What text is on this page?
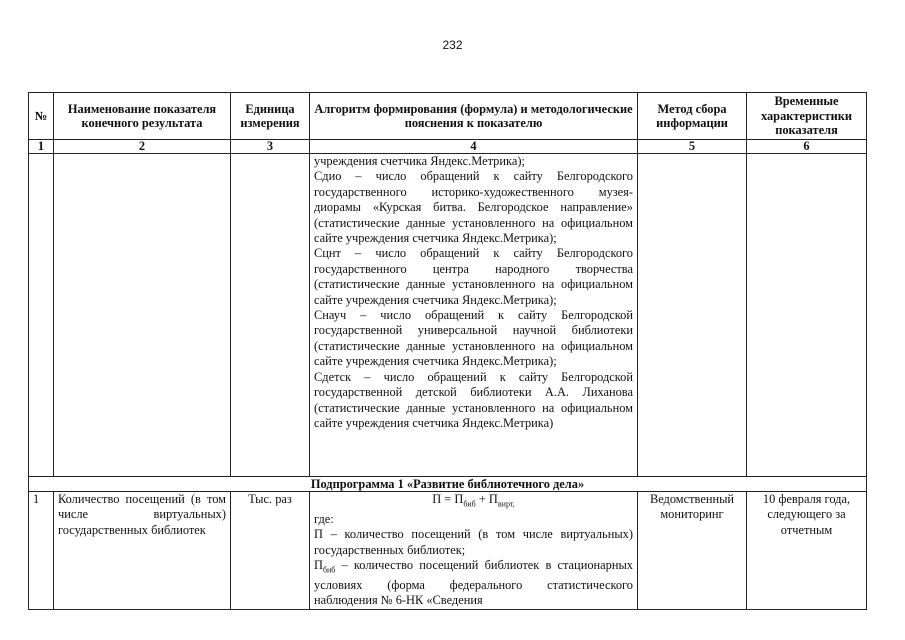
232
№	Наименование показателя конечного результата	Единица измерения	Алгоритм формирования (формула) и методологические пояснения к показателю	Метод сбора информации	Временные характеристики показателя
1	2	3	4	5	6

			учреждения счетчика Яндекс.Метрика);
Сдио – число обращений к сайту Белгородского государственного историко-художественного музея-диорамы «Курская битва. Белгородское направление» (статистические данные установленного на официальном сайте учреждения счетчика Яндекс.Метрика);
Сцнт – число обращений к сайту Белгородского государственного центра народного творчества (статистические данные установленного на официальном сайте учреждения счетчика Яндекс.Метрика);
Снауч – число обращений к сайту Белгородской государственной универсальной научной библиотеки (статистические данные установленного на официальном сайте учреждения счетчика Яндекс.Метрика);
Сдетск – число обращений к сайту Белгородской государственной детской библиотеки А.А. Лиханова (статистические данные установленного на официальном сайте учреждения счетчика Яндекс.Метрика)		

Подпрограмма 1 «Развитие библиотечного дела»					
1	Количество посещений (в том числе виртуальных) государственных библиотек	Тыс. раз	$П = П_{биб} + П_{вирт,}$
где:
П – количество посещений (в том числе виртуальных) государственных библиотек;
$П_{биб}$ – количество посещений библиотек в стационарных условиях (форма федерального статистического наблюдения № 6-НК «Сведения	Ведомственный мониторинг	10 февраля года, следующего за отчетным
